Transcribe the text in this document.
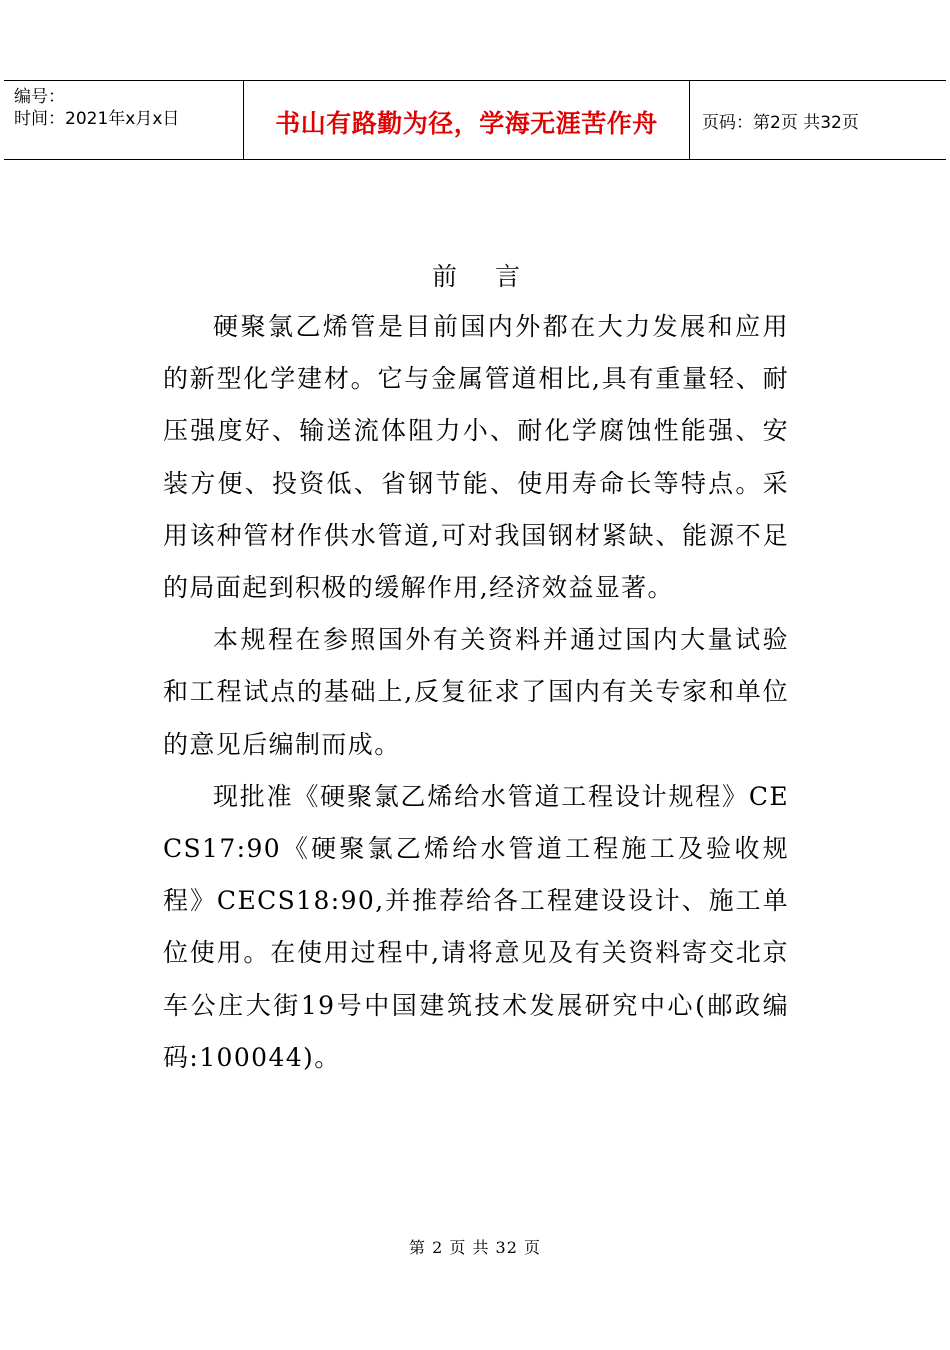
编号：
时间：2021年x月x日	书山有路勤为径，学海无涯苦作舟	页码：第2页 共32页
前言

硬聚氯乙烯管是目前国内外都在大力发展和应用的新型化学建材。它与金属管道相比,具有重量轻、耐压强度好、输送流体阻力小、耐化学腐蚀性能强、安装方便、投资低、省钢节能、使用寿命长等特点。采用该种管材作供水管道,可对我国钢材紧缺、能源不足的局面起到积极的缓解作用,经济效益显著。

本规程在参照国外有关资料并通过国内大量试验和工程试点的基础上,反复征求了国内有关专家和单位的意见后编制而成。

现批准《硬聚氯乙烯给水管道工程设计规程》CECS17:90《硬聚氯乙烯给水管道工程施工及验收规程》CECS18:90,并推荐给各工程建设设计、施工单位使用。在使用过程中,请将意见及有关资料寄交北京车公庄大街19号中国建筑技术发展研究中心(邮政编码:100044)。

第 2 页 共 32 页
